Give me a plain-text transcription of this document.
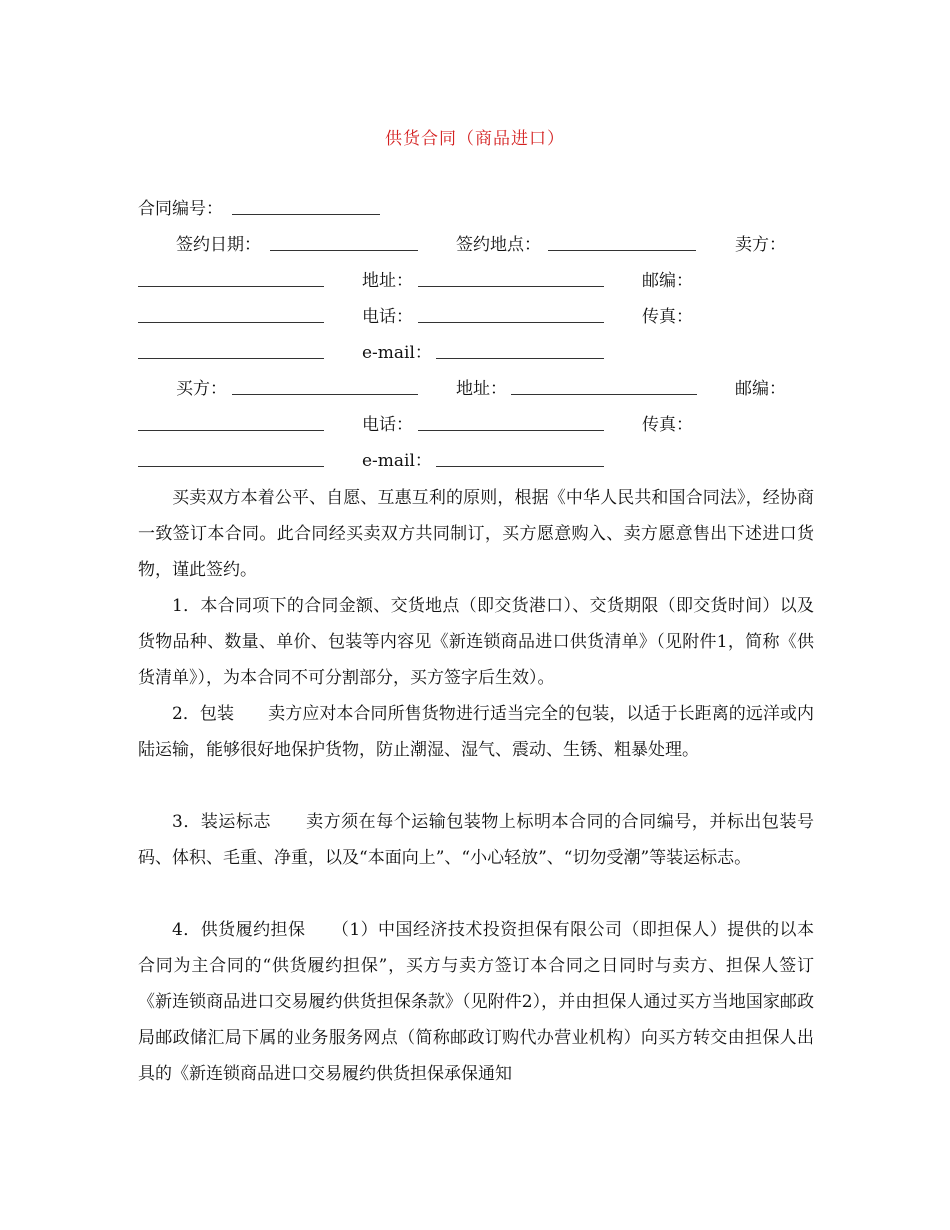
供货合同（商品进口）
合同编号：
签约日期：	签约地点：	卖方：
地址：	邮编：
电话：	传真：
e-mail：
买方：	地址：	邮编：
电话：	传真：
e-mail：
买卖双方本着公平、自愿、互惠互利的原则，根据《中华人民共和国合同法》，经协商一致签订本合同。此合同经买卖双方共同制订，买方愿意购入、卖方愿意售出下述进口货物，谨此签约。
1．本合同项下的合同金额、交货地点（即交货港口）、交货期限（即交货时间）以及货物品种、数量、单价、包装等内容见《新连锁商品进口供货清单》（见附件1，简称《供货清单》），为本合同不可分割部分，买方签字后生效）。
2．包装　　卖方应对本合同所售货物进行适当完全的包装，以适于长距离的远洋或内陆运输，能够很好地保护货物，防止潮湿、湿气、震动、生锈、粗暴处理。
3．装运标志　　卖方须在每个运输包装物上标明本合同的合同编号，并标出包装号码、体积、毛重、净重，以及“本面向上”、“小心轻放”、“切勿受潮”等装运标志。
4．供货履约担保　　（1）中国经济技术投资担保有限公司（即担保人）提供的以本合同为主合同的“供货履约担保”，买方与卖方签订本合同之日同时与卖方、担保人签订《新连锁商品进口交易履约供货担保条款》（见附件2），并由担保人通过买方当地国家邮政局邮政储汇局下属的业务服务网点（简称邮政订购代办营业机构）向买方转交由担保人出具的《新连锁商品进口交易履约供货担保承保通知
